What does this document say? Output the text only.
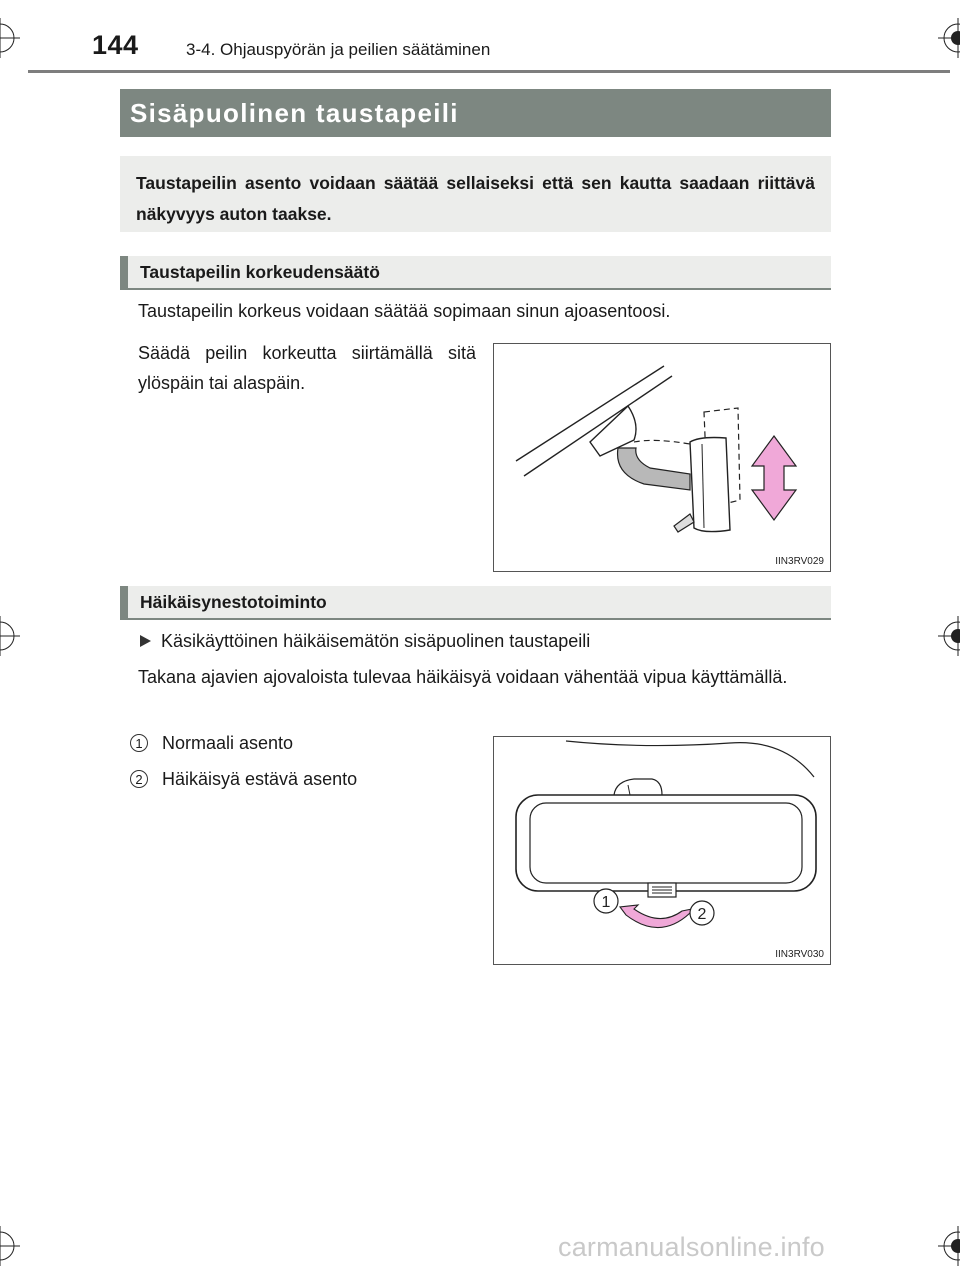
144	3-4. Ohjauspyörän ja peilien säätäminen
Sisäpuolinen taustapeili
Taustapeilin asento voidaan säätää sellaiseksi että sen kautta saadaan riittävä näkyvyys auton taakse.
Taustapeilin korkeudensäätö
Taustapeilin korkeus voidaan säätää sopimaan sinun ajoasentoosi.
Säädä peilin korkeutta siirtämällä sitä ylöspäin tai alaspäin.
IIN3RV029
Häikäisynestotoiminto
Käsikäyttöinen häikäisemätön sisäpuolinen taustapeili
Takana ajavien ajovaloista tulevaa häikäisyä voidaan vähentää vipua käyttämällä.
1 Normaali asento
2 Häikäisyä estävä asento
1
2
IIN3RV030
carmanualsonline.info
